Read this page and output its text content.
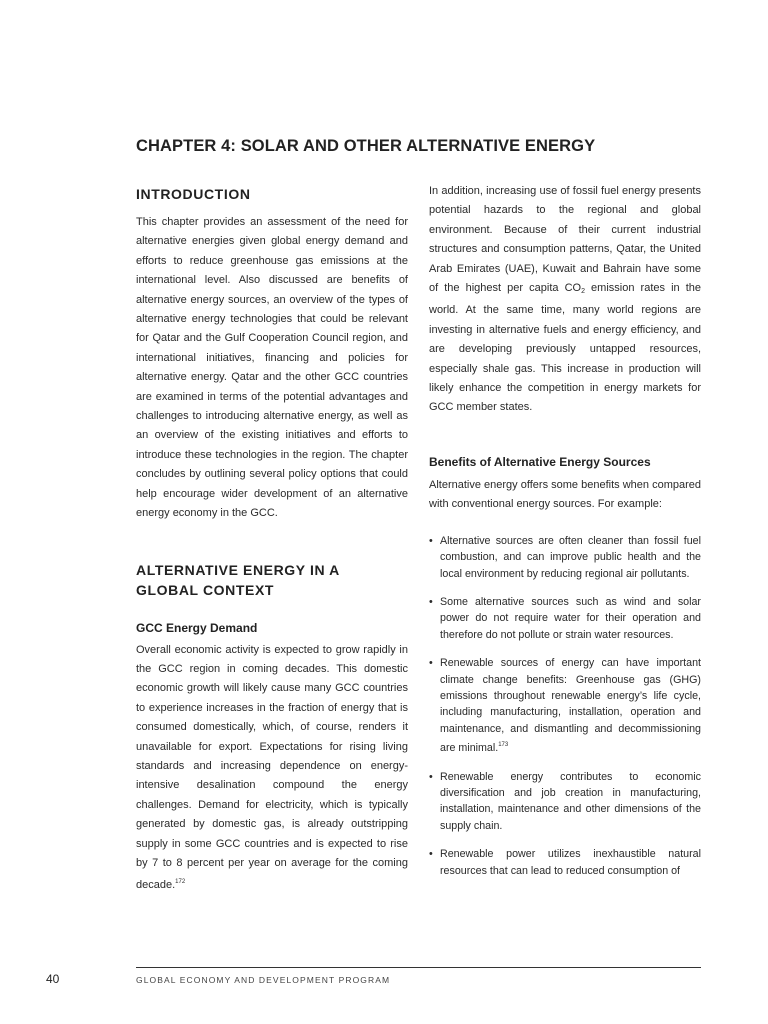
CHAPTER 4: SOLAR AND OTHER ALTERNATIVE ENERGY
INTRODUCTION

This chapter provides an assessment of the need for alternative energies given global energy demand and efforts to reduce greenhouse gas emissions at the international level. Also discussed are benefits of alternative energy sources, an overview of the types of alternative energy technologies that could be relevant for Qatar and the Gulf Cooperation Council region, and international initiatives, financing and policies for alternative energy. Qatar and the other GCC countries are examined in terms of the potential advantages and challenges to introducing alternative energy, as well as an overview of the existing initiatives and efforts to introduce these technologies in the region. The chapter concludes by outlining several policy options that could help encourage wider development of an alternative energy economy in the GCC.

ALTERNATIVE ENERGY IN A
GLOBAL CONTEXT
GCC Energy Demand

Overall economic activity is expected to grow rapidly in the GCC region in coming decades. This domestic economic growth will likely cause many GCC countries to experience increases in the fraction of energy that is consumed domestically, which, of course, renders it unavailable for export. Expectations for rising living standards and increasing dependence on energy-intensive desalination compound the energy challenges. Demand for electricity, which is typically generated by domestic gas, is already outstripping supply in some GCC countries and is expected to rise by 7 to 8 percent per year on average for the coming decade.$^{172}$

In addition, increasing use of fossil fuel energy presents potential hazards to the regional and global environment. Because of their current industrial structures and consumption patterns, Qatar, the United Arab Emirates (UAE), Kuwait and Bahrain have some of the highest per capita $CO_2$ emission rates in the world. At the same time, many world regions are investing in alternative fuels and energy efficiency, and are developing previously untapped resources, especially shale gas. This increase in production will likely enhance the competition in energy markets for GCC member states.

Benefits of Alternative Energy Sources

Alternative energy offers some benefits when compared with conventional energy sources. For example:

• Alternative sources are often cleaner than fossil fuel combustion, and can improve public health and the local environment by reducing regional air pollutants.
• Some alternative sources such as wind and solar power do not require water for their operation and therefore do not pollute or strain water resources.
• Renewable sources of energy can have important climate change benefits: Greenhouse gas (GHG) emissions throughout renewable energy’s life cycle, including manufacturing, installation, operation and maintenance, and dismantling and decommissioning are minimal.$^{173}$
• Renewable energy contributes to economic diversification and job creation in manufacturing, installation, maintenance and other dimensions of the supply chain.
• Renewable power utilizes inexhaustible natural resources that can lead to reduced consumption of
40	GLOBAL ECONOMY AND DEVELOPMENT PROGRAM
